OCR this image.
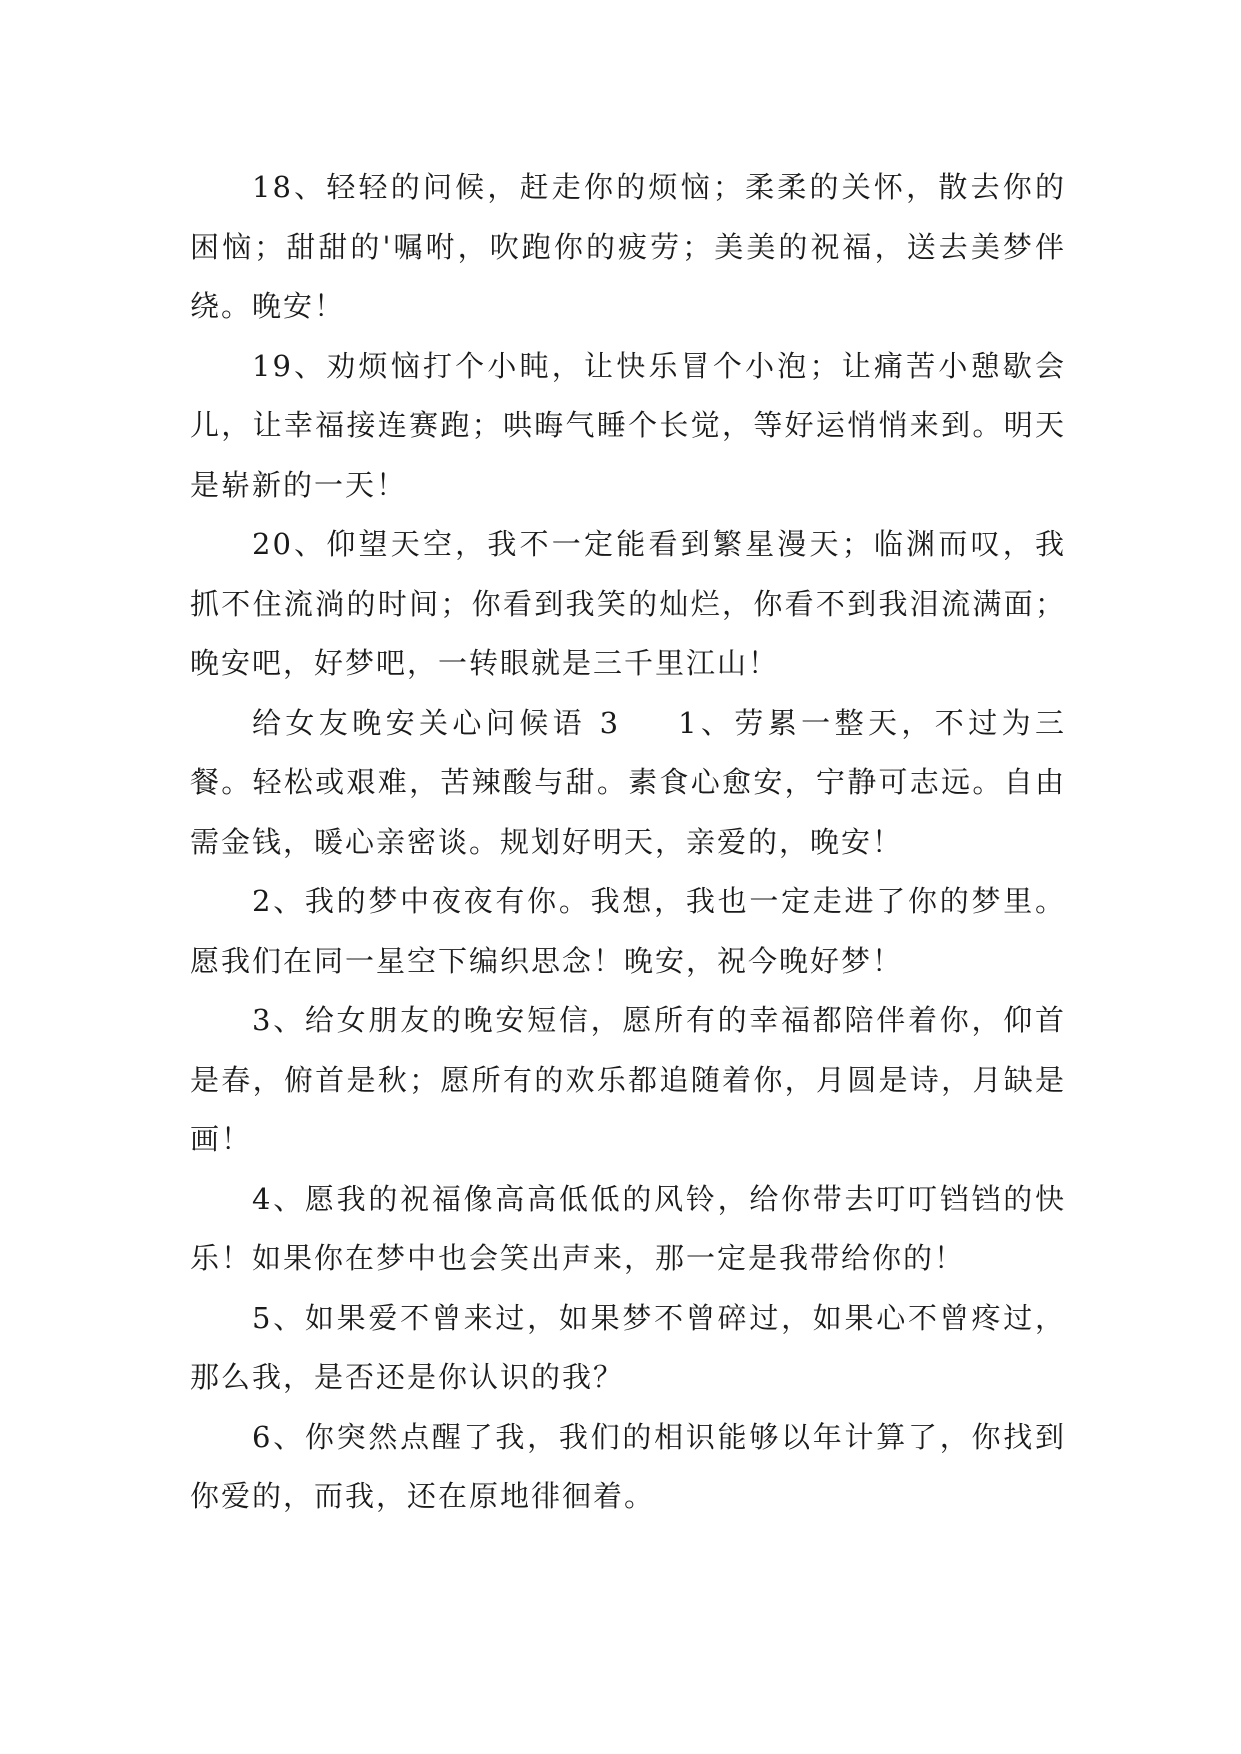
18、轻轻的问候，赶走你的烦恼；柔柔的关怀，散去你的困恼；甜甜的'嘱咐，吹跑你的疲劳；美美的祝福，送去美梦伴绕。晚安！

19、劝烦恼打个小盹，让快乐冒个小泡；让痛苦小憩歇会儿，让幸福接连赛跑；哄晦气睡个长觉，等好运悄悄来到。明天是崭新的一天！

20、仰望天空，我不一定能看到繁星漫天；临渊而叹，我抓不住流淌的时间；你看到我笑的灿烂，你看不到我泪流满面；晚安吧，好梦吧，一转眼就是三千里江山！

给女友晚安关心问候语 3 1、劳累一整天，不过为三餐。轻松或艰难，苦辣酸与甜。素食心愈安，宁静可志远。自由需金钱，暖心亲密谈。规划好明天，亲爱的，晚安！

2、我的梦中夜夜有你。我想，我也一定走进了你的梦里。愿我们在同一星空下编织思念！晚安，祝今晚好梦！

3、给女朋友的晚安短信，愿所有的幸福都陪伴着你，仰首是春，俯首是秋；愿所有的欢乐都追随着你，月圆是诗，月缺是画！

4、愿我的祝福像高高低低的风铃，给你带去叮叮铛铛的快乐！如果你在梦中也会笑出声来，那一定是我带给你的！

5、如果爱不曾来过，如果梦不曾碎过，如果心不曾疼过，那么我，是否还是你认识的我？

6、你突然点醒了我，我们的相识能够以年计算了，你找到你爱的，而我，还在原地徘徊着。
